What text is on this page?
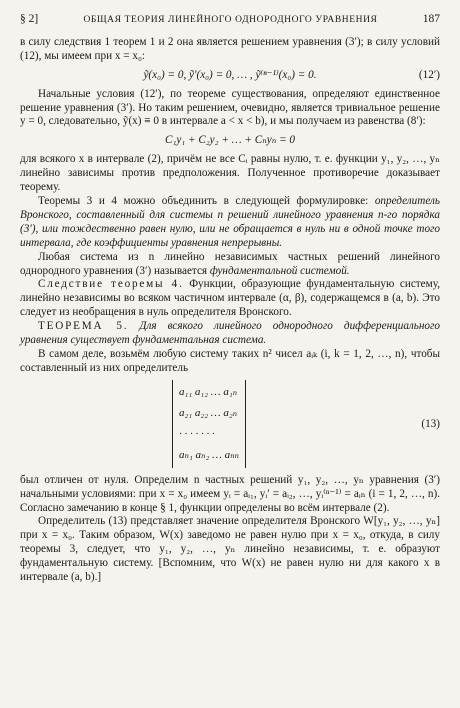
§ 2]	ОБЩАЯ ТЕОРИЯ ЛИНЕЙНОГО ОДНОРОДНОГО УРАВНЕНИЯ	187

в силу следствия 1 теорем 1 и 2 она является решением уравнения (3′); в силу условий (12), мы имеем при x = x₀:

ỹ(x₀) = 0, ỹ′(x₀) = 0, … , ỹ⁽ⁿ⁻¹⁾(x₀) = 0.	(12′)

Начальные условия (12′), по теореме существования, определяют единственное решение уравнения (3′). Но таким решением, очевидно, является тривиальное решение y = 0, следовательно, ỹ(x) ≡ 0 в интервале a < x < b), и мы получаем из равенства (8′):

C₁y₁ + C₂y₂ + … + Cₙyₙ = 0

для всякого x в интервале (2), причём не все Cᵢ равны нулю, т. е. функции y₁, y₂, …, yₙ линейно зависимы против предположения. Полученное противоречие доказывает теорему.

Теоремы 3 и 4 можно объединить в следующей формулировке: определитель Вронского, составленный для системы n решений линейного уравнения n-го порядка (3′), или тождественно равен нулю, или не обращается в нуль ни в одной точке того интервала, где коэффициенты уравнения непрерывны.

Любая система из n линейно независимых частных решений линейного однородного уравнения (3′) называется фундаментальной системой.

Следствие теоремы 4. Функции, образующие фундаментальную систему, линейно независимы во всяком частичном интервале (α, β), содержащемся в (a, b). Это следует из необращения в нуль определителя Вронского.

ТЕОРЕМА 5. Для всякого линейного однородного дифференциального уравнения существует фундаментальная система.

В самом деле, возьмём любую систему таких n² чисел aᵢₖ (i, k = 1, 2, …, n), чтобы составленный из них определитель

a₁₁ a₁₂ … a₁ₙ
a₂₁ a₂₂ … a₂ₙ
· · · · · · ·
aₙ₁ aₙ₂ … aₙₙ
(13)

был отличен от нуля. Определим n частных решений y₁, y₂, …, yₙ уравнения (3′) начальными условиями: при x = x₀ имеем yᵢ = aᵢ₁, yᵢ′ = aᵢ₂, …, yᵢ⁽ⁿ⁻¹⁾ = aᵢₙ (i = 1, 2, …, n). Согласно замечанию в конце § 1, функции определены во всём интервале (2).

Определитель (13) представляет значение определителя Вронского W[y₁, y₂, …, yₙ] при x = x₀. Таким образом, W(x) заведомо не равен нулю при x = x₀, откуда, в силу теоремы 3, следует, что y₁, y₂, …, yₙ линейно независимы, т. е. образуют фундаментальную систему. [Вспомним, что W(x) не равен нулю ни для какого x в интервале (a, b).]
